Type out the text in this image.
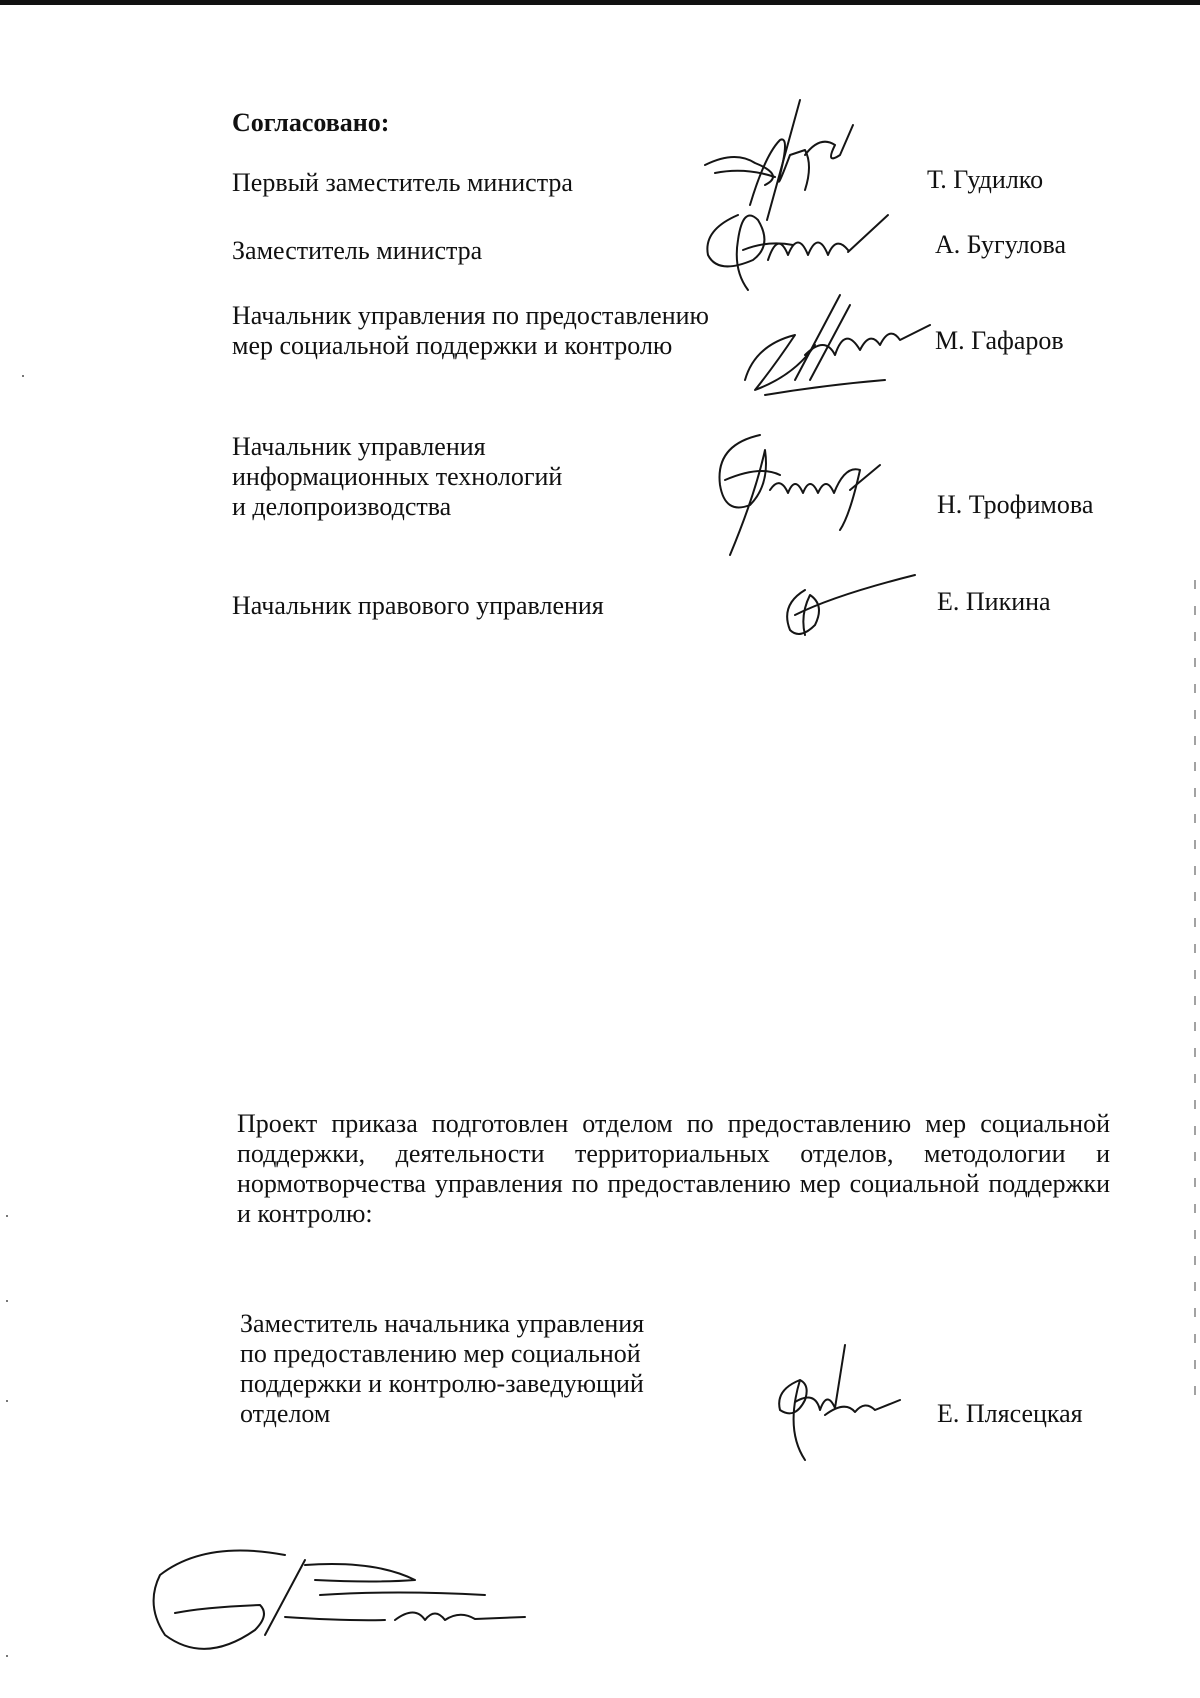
Согласовано:
Первый заместитель министра	Т. Гудилко
Заместитель министра	А. Бугулова
Начальник управления по предоставлению
мер социальной поддержки и контролю	М. Гафаров
Начальник управления
информационных технологий
и делопроизводства	Н. Трофимова
Начальник правового управления	Е. Пикина
Проект приказа подготовлен отделом по предоставлению мер социальной поддержки, деятельности территориальных отделов, методологии и нормотворчества управления по предоставлению мер социальной поддержки и контролю:
Заместитель начальника управления
по предоставлению мер социальной
поддержки и контролю-заведующий
отделом	Е. Плясецкая
